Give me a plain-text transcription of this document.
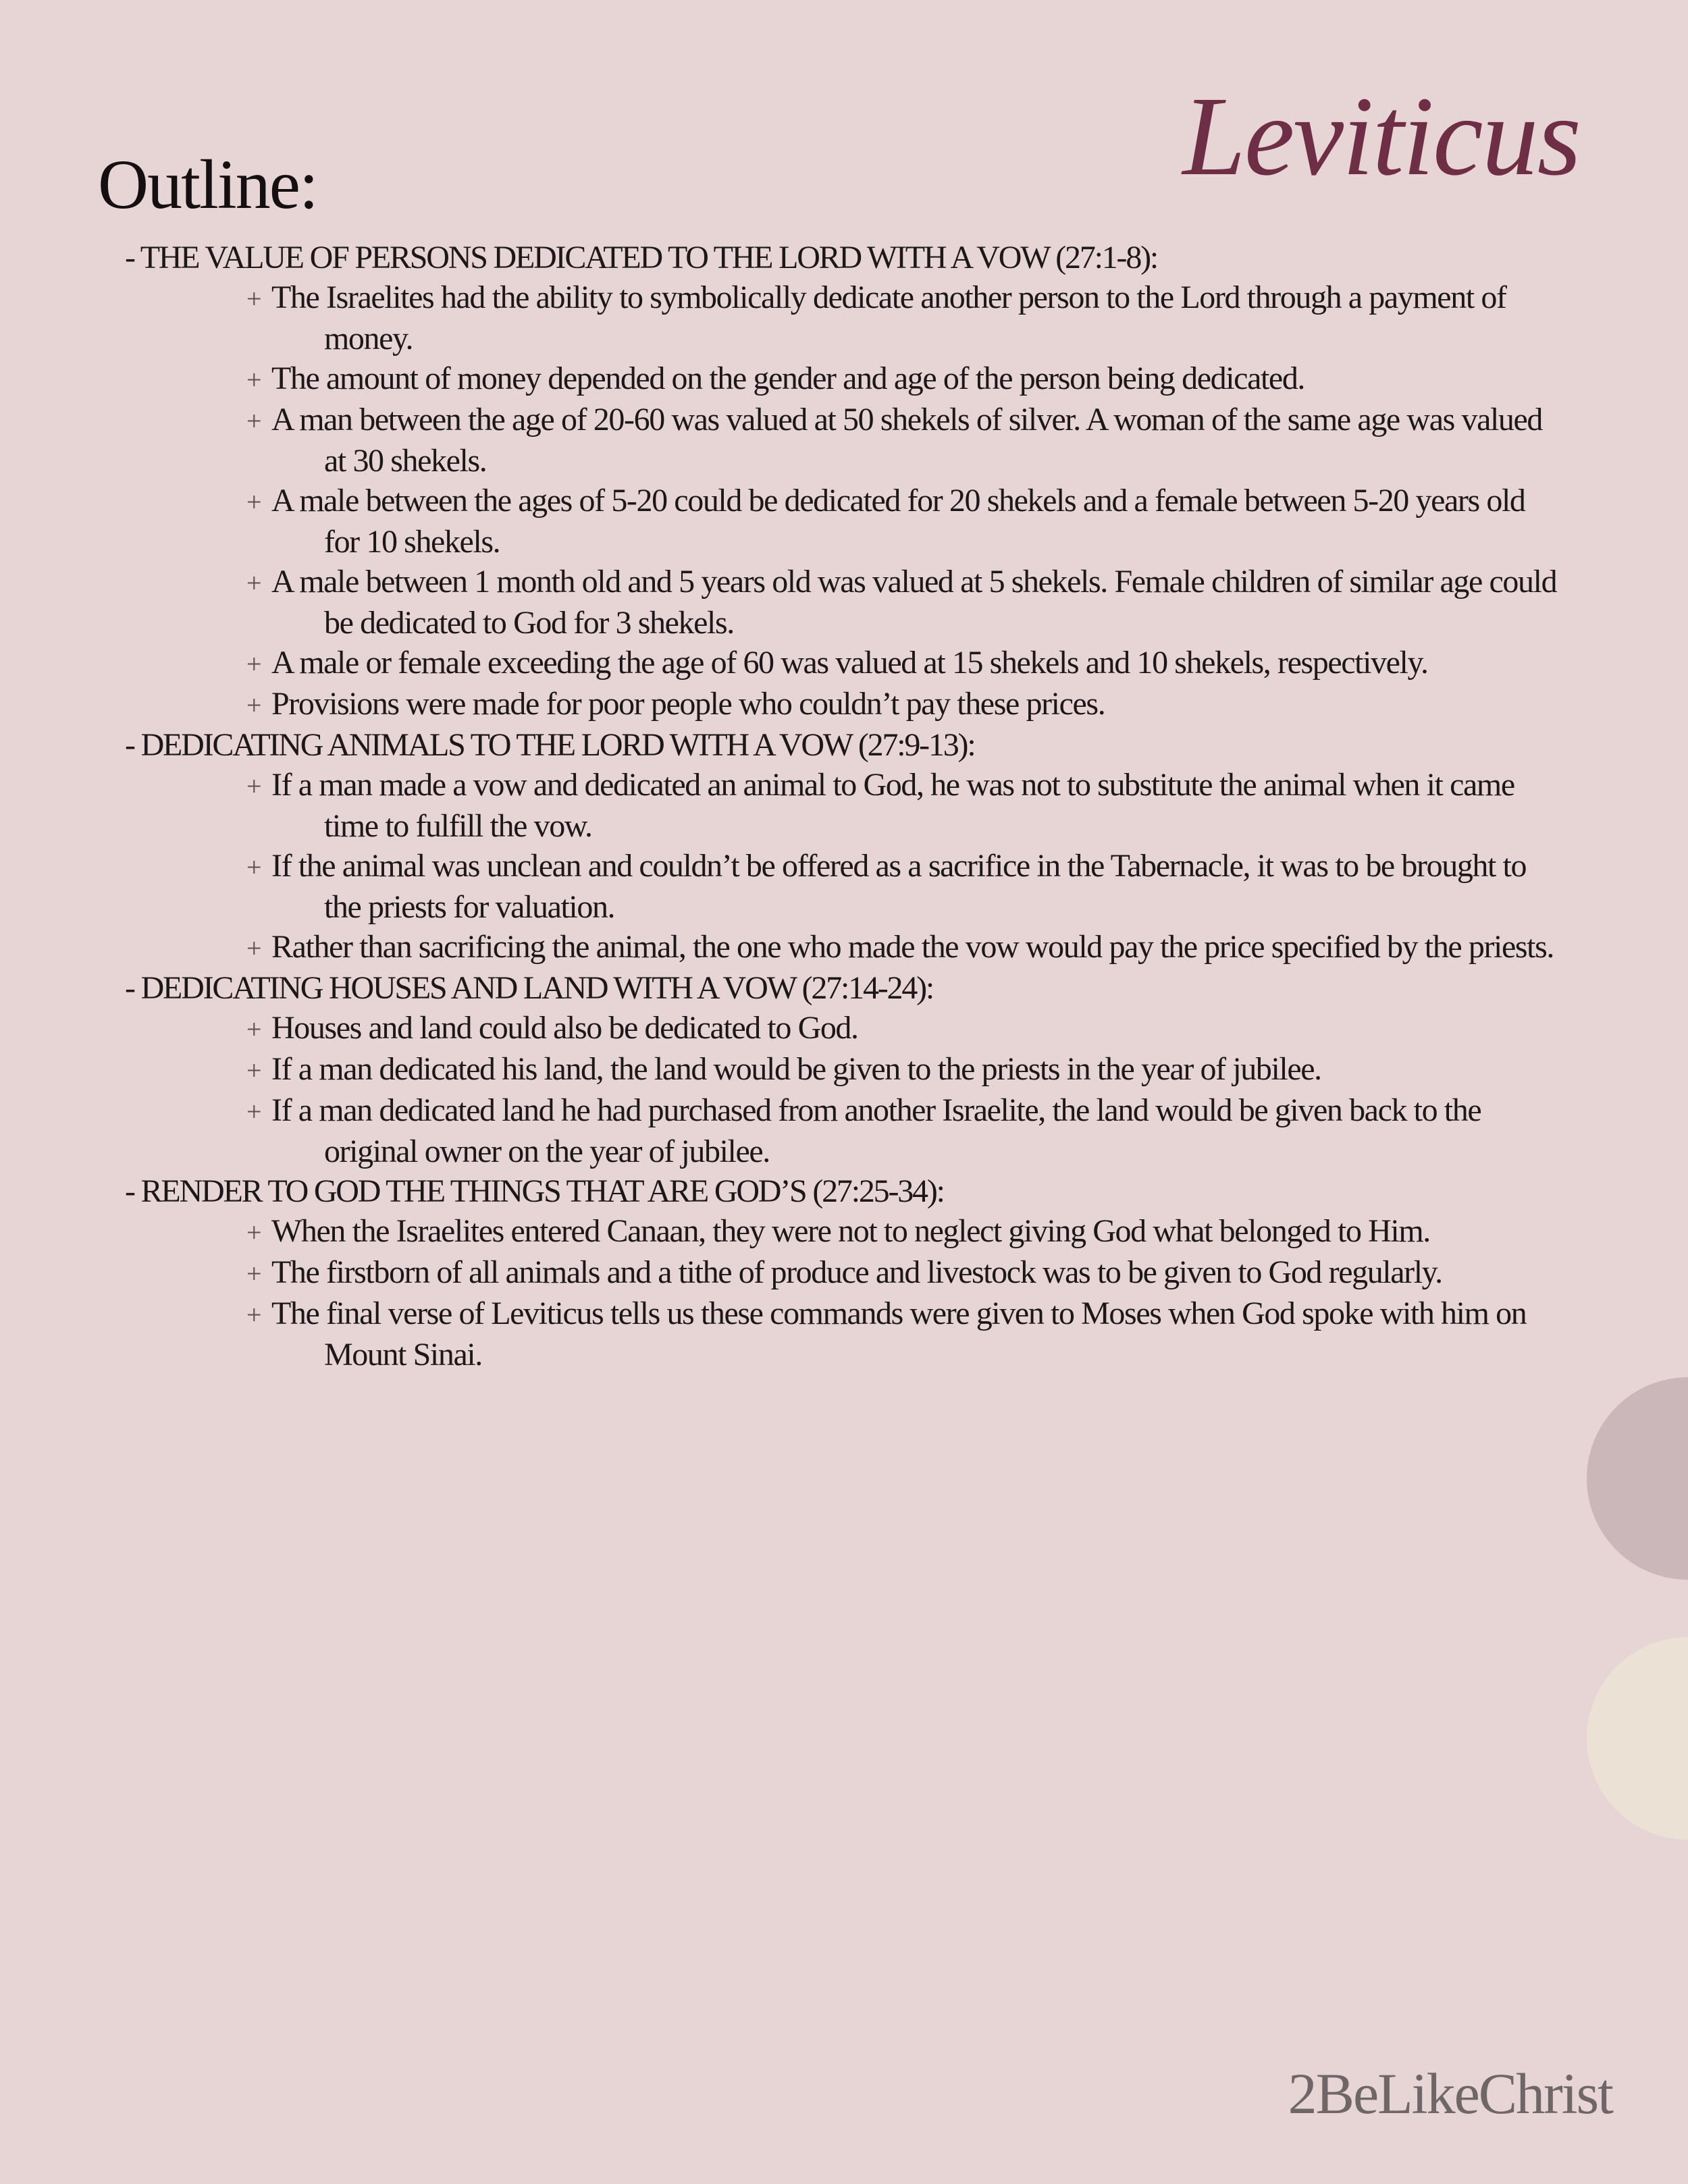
Leviticus
Outline:
- THE VALUE OF PERSONS DEDICATED TO THE LORD WITH A VOW (27:1-8):
+ The Israelites had the ability to symbolically dedicate another person to the Lord through a payment of money.
+ The amount of money depended on the gender and age of the person being dedicated.
+ A man between the age of 20-60 was valued at 50 shekels of silver. A woman of the same age was valued at 30 shekels.
+ A male between the ages of 5-20 could be dedicated for 20 shekels and a female between 5-20 years old for 10 shekels.
+ A male between 1 month old and 5 years old was valued at 5 shekels. Female children of similar age could be dedicated to God for 3 shekels.
+ A male or female exceeding the age of 60 was valued at 15 shekels and 10 shekels, respectively.
+ Provisions were made for poor people who couldn’t pay these prices.
- DEDICATING ANIMALS TO THE LORD WITH A VOW (27:9-13):
+ If a man made a vow and dedicated an animal to God, he was not to substitute the animal when it came time to fulfill the vow.
+ If the animal was unclean and couldn’t be offered as a sacrifice in the Tabernacle, it was to be brought to the priests for valuation.
+ Rather than sacrificing the animal, the one who made the vow would pay the price specified by the priests.
- DEDICATING HOUSES AND LAND WITH A VOW (27:14-24):
+ Houses and land could also be dedicated to God.
+ If a man dedicated his land, the land would be given to the priests in the year of jubilee.
+ If a man dedicated land he had purchased from another Israelite, the land would be given back to the original owner on the year of jubilee.
- RENDER TO GOD THE THINGS THAT ARE GOD’S (27:25-34):
+ When the Israelites entered Canaan, they were not to neglect giving God what belonged to Him.
+ The firstborn of all animals and a tithe of produce and livestock was to be given to God regularly.
+ The final verse of Leviticus tells us these commands were given to Moses when God spoke with him on Mount Sinai.
2BeLikeChrist
